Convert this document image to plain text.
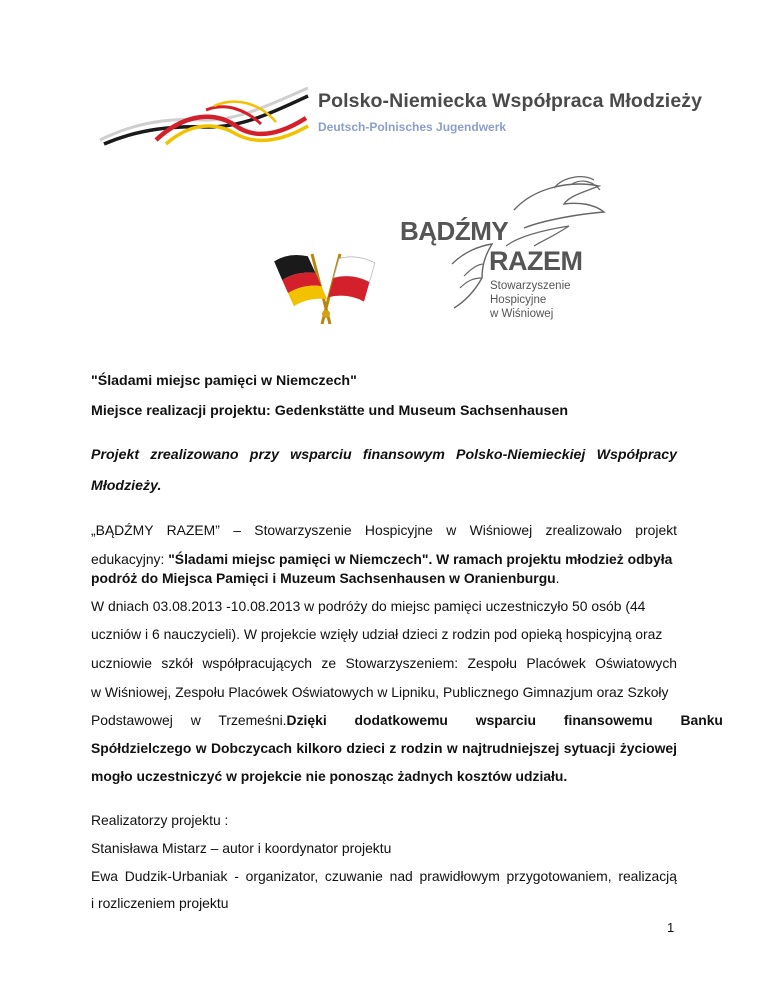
Polsko-Niemiecka Współpraca Młodzieży
Deutsch-Polnisches Jugendwerk
BĄDŹMY
RAZEM
Stowarzyszenie
Hospicyjne
w Wiśniowej
"Śladami miejsc pamięci w Niemczech"
Miejsce realizacji projektu: Gedenkstätte und Museum Sachsenhausen
Projekt zrealizowano przy wsparciu finansowym Polsko-Niemieckiej Współpracy
Młodzieży.
„BĄDŹMY RAZEM” – Stowarzyszenie Hospicyjne w Wiśniowej zrealizowało projekt
edukacyjny: "Śladami miejsc pamięci w Niemczech". W ramach projektu młodzież odbyła
podróż do Miejsca Pamięci i Muzeum Sachsenhausen w Oranienburgu.
W dniach 03.08.2013 -10.08.2013 w podróży do miejsc pamięci uczestniczyło 50 osób (44
uczniów i 6 nauczycieli). W projekcie wzięły udział dzieci z rodzin pod opieką hospicyjną oraz
uczniowie szkół współpracujących ze Stowarzyszeniem: Zespołu Placówek Oświatowych
w Wiśniowej, Zespołu Placówek Oświatowych w Lipniku, Publicznego Gimnazjum oraz Szkoły
Podstawowej w Trzemeśni. Dzięki dodatkowemu wsparciu finansowemu Banku
Spółdzielczego w Dobczycach kilkoro dzieci z rodzin w najtrudniejszej sytuacji życiowej
mogło uczestniczyć w projekcie nie ponosząc żadnych kosztów udziału.
Realizatorzy projektu :
Stanisława Mistarz – autor i koordynator projektu
Ewa Dudzik-Urbaniak - organizator, czuwanie nad prawidłowym przygotowaniem, realizacją
i rozliczeniem projektu
1
